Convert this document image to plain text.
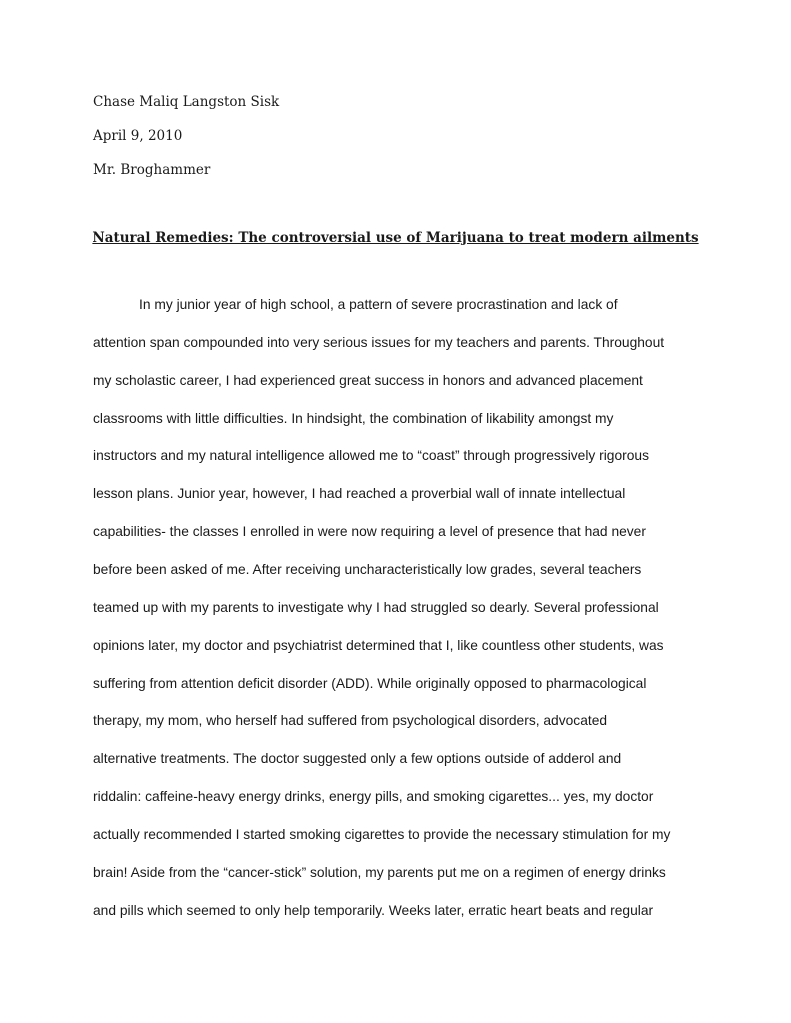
Chase Maliq Langston Sisk
April 9, 2010
Mr. Broghammer
Natural Remedies: The controversial use of Marijuana to treat modern ailments
In my junior year of high school, a pattern of severe procrastination and lack of
attention span compounded into very serious issues for my teachers and parents. Throughout
my scholastic career, I had experienced great success in honors and advanced placement
classrooms with little difficulties. In hindsight, the combination of likability amongst my
instructors and my natural intelligence allowed me to “coast” through progressively rigorous
lesson plans. Junior year, however, I had reached a proverbial wall of innate intellectual
capabilities- the classes I enrolled in were now requiring a level of presence that had never
before been asked of me. After receiving uncharacteristically low grades, several teachers
teamed up with my parents to investigate why I had struggled so dearly. Several professional
opinions later, my doctor and psychiatrist determined that I, like countless other students, was
suffering from attention deficit disorder (ADD). While originally opposed to pharmacological
therapy, my mom, who herself had suffered from psychological disorders, advocated
alternative treatments. The doctor suggested only a few options outside of adderol and
riddalin: caffeine-heavy energy drinks, energy pills, and smoking cigarettes... yes, my doctor
actually recommended I started smoking cigarettes to provide the necessary stimulation for my
brain! Aside from the “cancer-stick” solution, my parents put me on a regimen of energy drinks
and pills which seemed to only help temporarily. Weeks later, erratic heart beats and regular
